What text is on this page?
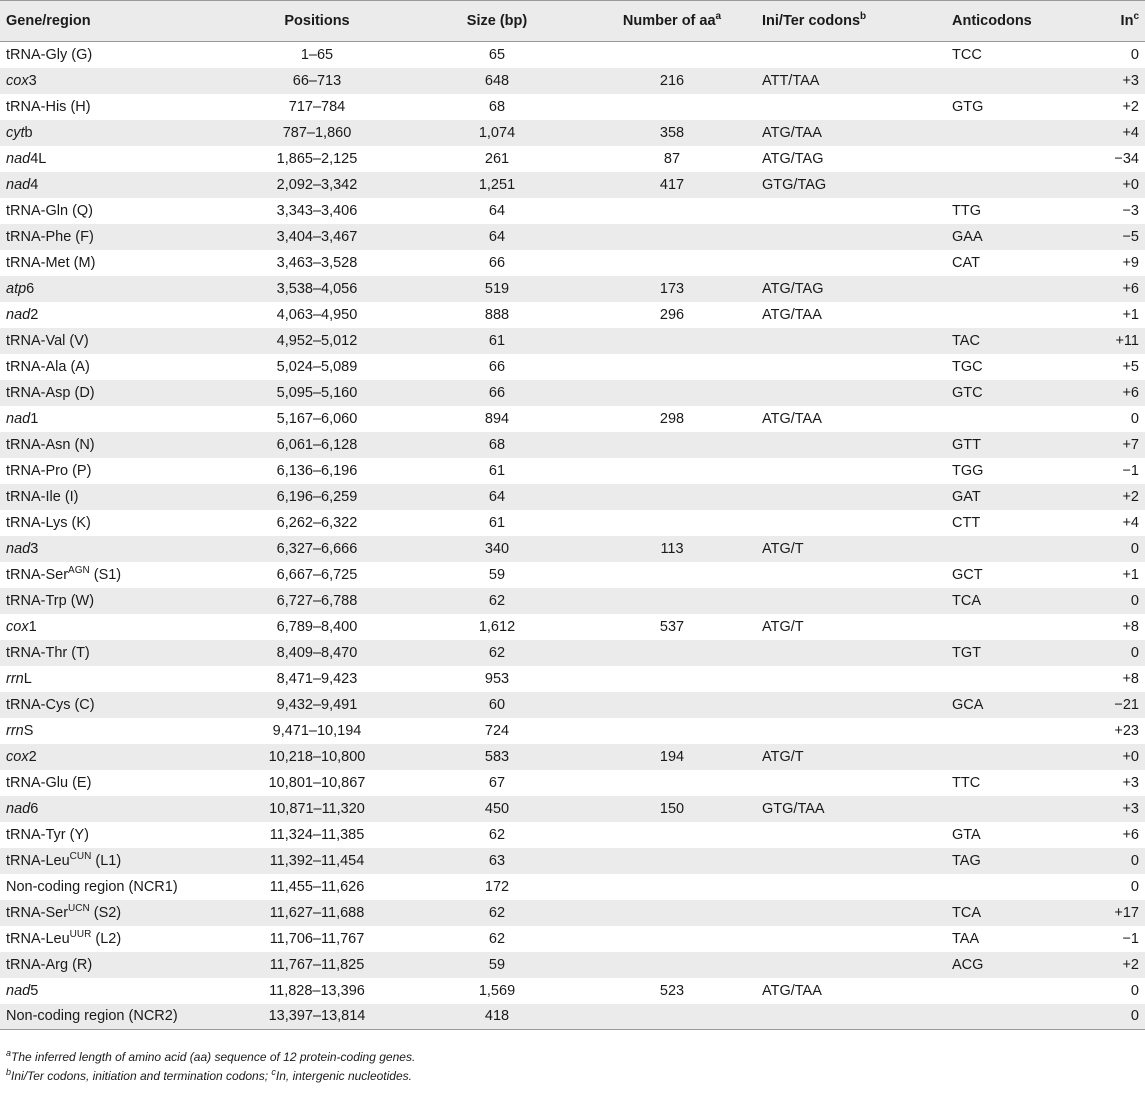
Gene/region	Positions	Size (bp)	Number of $aa^a$	Ini/Ter codons$^b$	Anticodons	In$^c$
tRNA-Gly (G)	1–65	65			TCC	0
cox3	66–713	648	216	ATT/TAA		+3
tRNA-His (H)	717–784	68			GTG	+2
cytb	787–1,860	1,074	358	ATG/TAA		+4
nad4L	1,865–2,125	261	87	ATG/TAG		−34
nad4	2,092–3,342	1,251	417	GTG/TAG		+0
tRNA-Gln (Q)	3,343–3,406	64			TTG	−3
tRNA-Phe (F)	3,404–3,467	64			GAA	−5
tRNA-Met (M)	3,463–3,528	66			CAT	+9
atp6	3,538–4,056	519	173	ATG/TAG		+6
nad2	4,063–4,950	888	296	ATG/TAA		+1
tRNA-Val (V)	4,952–5,012	61			TAC	+11
tRNA-Ala (A)	5,024–5,089	66			TGC	+5
tRNA-Asp (D)	5,095–5,160	66			GTC	+6
nad1	5,167–6,060	894	298	ATG/TAA		0
tRNA-Asn (N)	6,061–6,128	68			GTT	+7
tRNA-Pro (P)	6,136–6,196	61			TGG	−1
tRNA-Ile (I)	6,196–6,259	64			GAT	+2
tRNA-Lys (K)	6,262–6,322	61			CTT	+4
nad3	6,327–6,666	340	113	ATG/T		0
tRNA-Ser$^{AGN}$ (S1)	6,667–6,725	59			GCT	+1
tRNA-Trp (W)	6,727–6,788	62			TCA	0
cox1	6,789–8,400	1,612	537	ATG/T		+8
tRNA-Thr (T)	8,409–8,470	62			TGT	0
rrnL	8,471–9,423	953				+8
tRNA-Cys (C)	9,432–9,491	60			GCA	−21
rrnS	9,471–10,194	724				+23
cox2	10,218–10,800	583	194	ATG/T		+0
tRNA-Glu (E)	10,801–10,867	67			TTC	+3
nad6	10,871–11,320	450	150	GTG/TAA		+3
tRNA-Tyr (Y)	11,324–11,385	62			GTA	+6
tRNA-Leu$^{CUN}$ (L1)	11,392–11,454	63			TAG	0
Non-coding region (NCR1)	11,455–11,626	172				0
tRNA-Ser$^{UCN}$ (S2)	11,627–11,688	62			TCA	+17
tRNA-Leu$^{UUR}$ (L2)	11,706–11,767	62			TAA	−1
tRNA-Arg (R)	11,767–11,825	59			ACG	+2
nad5	11,828–13,396	1,569	523	ATG/TAA		0
Non-coding region (NCR2)	13,397–13,814	418				0
$^a$The inferred length of amino acid (aa) sequence of 12 protein-coding genes.
$^b$Ini/Ter codons, initiation and termination codons; $^c$In, intergenic nucleotides.
